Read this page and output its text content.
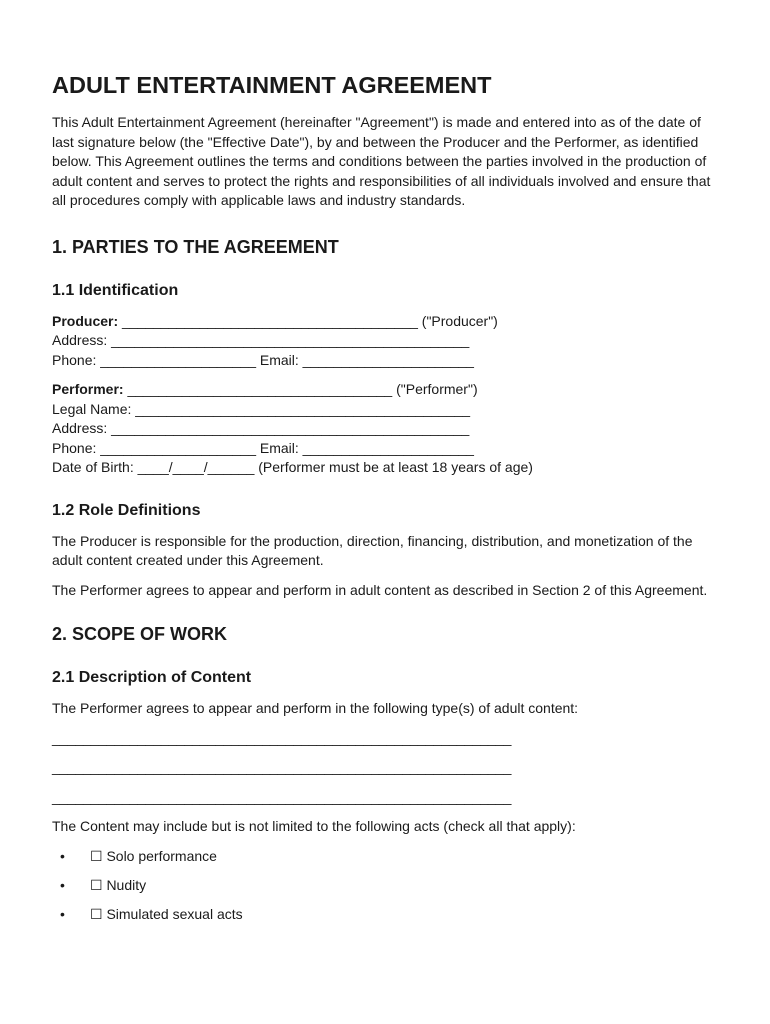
ADULT ENTERTAINMENT AGREEMENT

This Adult Entertainment Agreement (hereinafter "Agreement") is made and entered into as of the date of last signature below (the "Effective Date"), by and between the Producer and the Performer, as identified below. This Agreement outlines the terms and conditions between the parties involved in the production of adult content and serves to protect the rights and responsibilities of all individuals involved and ensure that all procedures comply with applicable laws and industry standards.

1. PARTIES TO THE AGREEMENT
1.1 Identification
Producer: ______________________________________ ("Producer")
Address: ______________________________________________
Phone: ____________________ Email: ______________________
Performer: __________________________________ ("Performer")
Legal Name: ___________________________________________
Address: ______________________________________________
Phone: ____________________ Email: ______________________
Date of Birth: ____/____/______ (Performer must be at least 18 years of age)
1.2 Role Definitions

The Producer is responsible for the production, direction, financing, distribution, and monetization of the adult content created under this Agreement.

The Performer agrees to appear and perform in adult content as described in Section 2 of this Agreement.

2. SCOPE OF WORK
2.1 Description of Content

The Performer agrees to appear and perform in the following type(s) of adult content:

___________________________________________________________
___________________________________________________________
___________________________________________________________

The Content may include but is not limited to the following acts (check all that apply):

• ☐ Solo performance
• ☐ Nudity
• ☐ Simulated sexual acts
